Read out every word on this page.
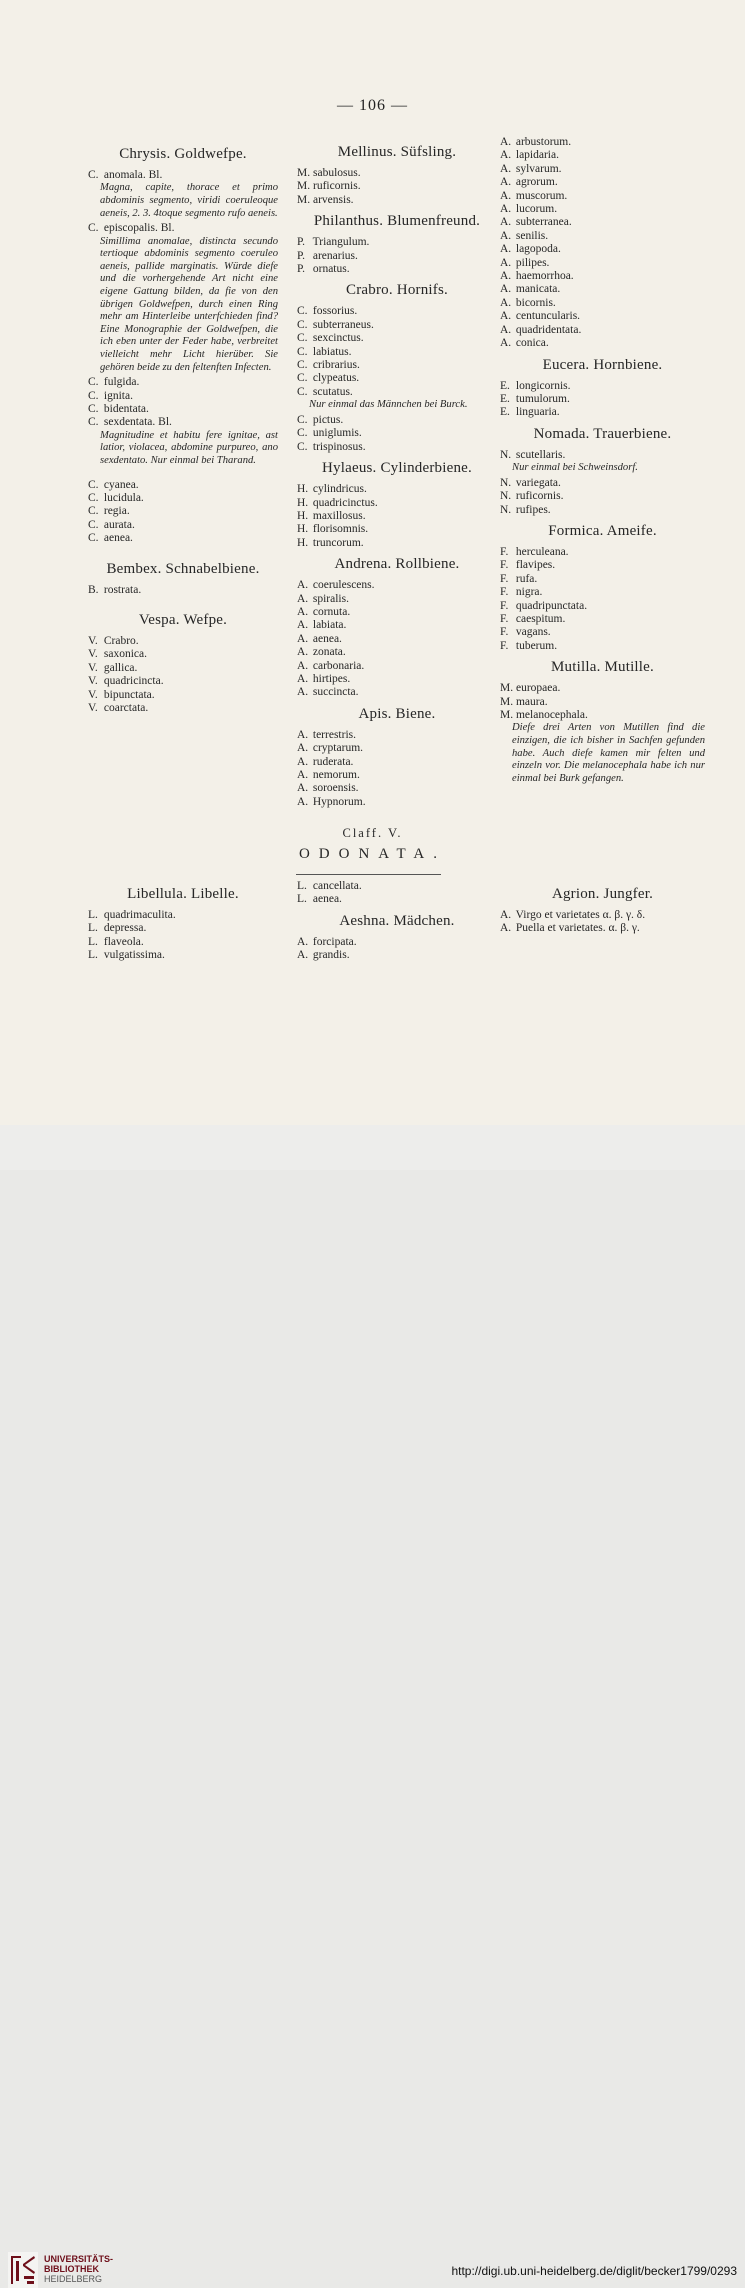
— 106 —
Chrysis. Goldwefpe.
C. anomala. Bl.
Magna, capite, thorace et primo abdominis segmento, viridi coeruleoque aeneis, 2. 3. 4toque segmento rufo aeneis.
C. episcopalis. Bl.
Simillima anomalae, distincta secundo tertioque abdominis segmento coeruleo aeneis, pallide marginatis. Würde diefe und die vorhergehende Art nicht eine eigene Gattung bilden, da fie von den übrigen Goldwefpen, durch einen Ring mehr am Hinterleibe unterfchieden find? Eine Monographie der Goldwefpen, die ich eben unter der Feder habe, verbreitet vielleicht mehr Licht hierüber. Sie gehören beide zu den feltenften Infecten.
C. fulgida.
C. ignita.
C. bidentata.
C. sexdentata. Bl.
Magnitudine et habitu fere ignitae, ast latior, violacea, abdomine purpureo, ano sexdentato. Nur einmal bei Tharand.
C. cyanea.
C. lucidula.
C. regia.
C. aurata.
C. aenea.
Bembex. Schnabelbiene.
B. rostrata.
Vespa. Wefpe.
V. Crabro.
V. saxonica.
V. gallica.
V. quadricincta.
V. bipunctata.
V. coarctata.
Mellinus. Süfsling.
M. sabulosus.
M. ruficornis.
M. arvensis.
Philanthus. Blumenfreund.
P. Triangulum.
P. arenarius.
P. ornatus.
Crabro. Hornifs.
C. fossorius.
C. subterraneus.
C. sexcinctus.
C. labiatus.
C. cribrarius.
C. clypeatus.
C. scutatus.
Nur einmal das Männchen bei Burck.
C. pictus.
C. uniglumis.
C. trispinosus.
Hylaeus. Cylinderbiene.
H. cylindricus.
H. quadricinctus.
H. maxillosus.
H. florisomnis.
H. truncorum.
Andrena. Rollbiene.
A. coerulescens.
A. spiralis.
A. cornuta.
A. labiata.
A. aenea.
A. zonata.
A. carbonaria.
A. hirtipes.
A. succincta.
Apis. Biene.
A. terrestris.
A. cryptarum.
A. ruderata.
A. nemorum.
A. soroensis.
A. Hypnorum.
A. arbustorum.
A. lapidaria.
A. sylvarum.
A. agrorum.
A. muscorum.
A. lucorum.
A. subterranea.
A. senilis.
A. lagopoda.
A. pilipes.
A. haemorrhoa.
A. manicata.
A. bicornis.
A. centuncularis.
A. quadridentata.
A. conica.
Eucera. Hornbiene.
E. longicornis.
E. tumulorum.
E. linguaria.
Nomada. Trauerbiene.
N. scutellaris.
Nur einmal bei Schweinsdorf.
N. variegata.
N. ruficornis.
N. rufipes.
Formica. Ameife.
F. herculeana.
F. flavipes.
F. rufa.
F. nigra.
F. quadripunctata.
F. caespitum.
F. vagans.
F. tuberum.
Mutilla. Mutille.
M. europaea.
M. maura.
M. melanocephala.
Diefe drei Arten von Mutillen find die einzigen, die ich bisher in Sachfen gefunden habe. Auch diefe kamen mir felten und einzeln vor. Die melanocephala habe ich nur einmal bei Burk gefangen.
Claff. V.
ODONATA.
Libellula. Libelle.
L. quadrimaculita.
L. depressa.
L. flaveola.
L. vulgatissima.
L. cancellata.
L. aenea.
Aeshna. Mädchen.
A. forcipata.
A. grandis.
Agrion. Jungfer.
A. Virgo et varietates α. β. γ. δ.
A. Puella et varietates. α. β. γ.
UNIVERSITÄTS-
BIBLIOTHEK
HEIDELBERG
http://digi.ub.uni-heidelberg.de/diglit/becker1799/0293
